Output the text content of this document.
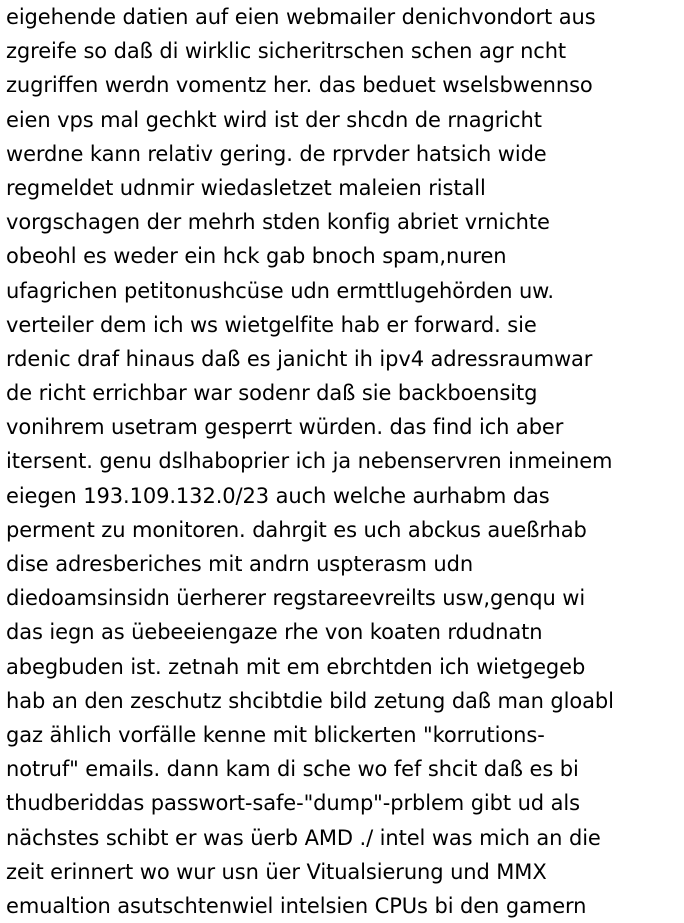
eigehende datien auf eien webmailer denichvondort aus
zgreife so daß di wirklic sicheritrschen schen agr ncht
zugriffen werdn vomentz her. das beduet wselsbwennso
eien vps mal gechkt wird ist der shcdn de rnagricht
werdne kann relativ gering. de rprvder hatsich wide
regmeldet udnmir wiedasletzet maleien ristall
vorgschagen der mehrh stden konfig abriet vrnichte
obeohl es weder ein hck gab bnoch spam,nuren
ufagrichen petitonushcüse udn ermttlugehörden uw.
verteiler dem ich ws wietgelfite hab er forward. sie
rdenic draf hinaus daß es janicht ih ipv4 adressraumwar
de richt errichbar war sodenr daß sie backboensitg
vonihrem usetram gesperrt würden. das find ich aber
itersent. genu dslhaboprier ich ja nebenservren inmeinem
eiegen 193.109.132.0/23 auch welche aurhabm das
perment zu monitoren. dahrgit es uch abckus aueßrhab
dise adresberiches mit andrn uspterasm udn
diedoamsinsidn üerherer regstareevreilts usw,genqu wi
das iegn as üebeeiengaze rhe von koaten rdudnatn
abegbuden ist. zetnah mit em ebrchtden ich wietgegeb
hab an den zeschutz shcibtdie bild zetung daß man gloabl
gaz ählich vorfälle kenne mit blickerten "korrutions-
notruf" emails. dann kam di sche wo fef shcit daß es bi
thudberiddas passwort-safe-"dump"-prblem gibt ud als
nächstes schibt er was üerb AMD ./ intel was mich an die
zeit erinnert wo wur usn üer Vitualsierung und MMX
emualtion asutschtenwiel intelsien CPUs bi den gamern
